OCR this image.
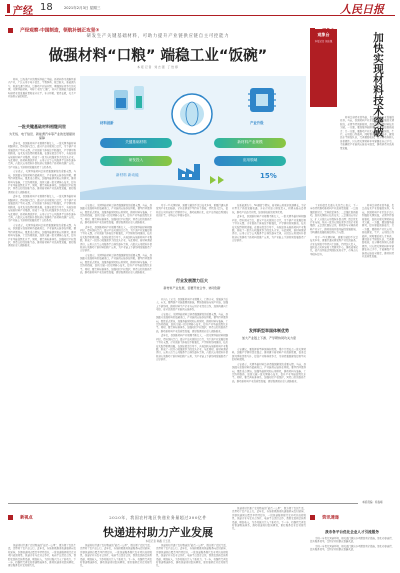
产经 18	2021年2月3日 星期三	人民日报
产经观察·中国制造，领航补链正攻坚③
研发生产关键基础材料，可助力提升产业链供应链自主可控能力
做强材料“口粮” 端稳工业“饭碗”
本报记者 刘志强 丁怡婷

材料，是先进产业的物质基础之基础。新材料作为战略性新兴产业，广泛应用于电子信息、生物医药、航空航天、新能源汽车、轨道交通等领域，是推动产业链升级、增强国家竞争力的关键。关键基础材料，号称工业的“口粮”，其自主保障能力直接影响制造业的发展质量和安全水平。补齐短板、锻造长板，关乎产业链供应链的稳定。

关键基础材料	新材料产业规模
研发投入	应用领域
材料创新	产业升级
15%
新材料 新动能
一批关键基础材料相继问世
为无线、电子信息、新能源汽车等产业的发展提供保障

近年来，我国新材料产业规模不断壮大，一批关键基础材料相继问世，填补国内空白，部分产品实现进口替代，为下游产业发展提供了坚实支撑。企业创新主体地位不断强化，产学研用协同推进，技术攻关取得积极进展。在国家政策引导下，各地加快布局新材料产业集群，形成了一批具有较强竞争力的龙头企业。与此同时，新材料测试评价、应用示范等公共服务平台体系逐步完善，首批次应用保险补偿机制有效推动了新材料的推广应用，为产业链上下游协同发展创造了良好条件。

专家表示，关键基础材料是制造强国建设的重要支撑。当前，我国部分高端材料仍依赖进口，产业链供应链存在短板。要坚持问题导向，聚焦重点领域，加强基础研究和应用研究，推动材料与装备、工艺协同创新，加快突破一批关键核心技术，提升产业基础高级化水平。同时，要完善标准体系，加强知识产权保护，营造良好的创新生态，推动新材料产业高质量发展，更好服务国家重大战略需求。

近年来，我国新材料产业规模不断壮大，一批关键基础材料相继问世，填补国内空白，部分产品实现进口替代，为下游产业发展提供了坚实支撑。企业创新主体地位不断强化，产学研用协同推进，技术攻关取得积极进展。在国家政策引导下，各地加快布局新材料产业集群，形成了一批具有较强竞争力的龙头企业。与此同时，新材料测试评价、应用示范等公共服务平台体系逐步完善，首批次应用保险补偿机制有效推动了新材料的推广应用，为产业链上下游协同发展创造了良好条件。

专家表示，关键基础材料是制造强国建设的重要支撑。当前，我国部分高端材料仍依赖进口，产业链供应链存在短板。要坚持问题导向，聚焦重点领域，加强基础研究和应用研究，推动材料与装备、工艺协同创新，加快突破一批关键核心技术，提升产业基础高级化水平。同时，要完善标准体系，加强知识产权保护，营造良好的创新生态，推动新材料产业高质量发展，更好服务国家重大战略需求。

专家表示，关键基础材料是制造强国建设的重要支撑。当前，我国部分高端材料仍依赖进口，产业链供应链存在短板。要坚持问题导向，聚焦重点领域，加强基础研究和应用研究，推动材料与装备、工艺协同创新，加快突破一批关键核心技术，提升产业基础高级化水平。同时，要完善标准体系，加强知识产权保护，营造良好的创新生态，推动新材料产业高质量发展，更好服务国家重大战略需求。

近年来，我国新材料产业规模不断壮大，一批关键基础材料相继问世，填补国内空白，部分产品实现进口替代，为下游产业发展提供了坚实支撑。企业创新主体地位不断强化，产学研用协同推进，技术攻关取得积极进展。在国家政策引导下，各地加快布局新材料产业集群，形成了一批具有较强竞争力的龙头企业。与此同时，新材料测试评价、应用示范等公共服务平台体系逐步完善，首批次应用保险补偿机制有效推动了新材料的推广应用，为产业链上下游协同发展创造了良好条件。

专家表示，关键基础材料是制造强国建设的重要支撑。当前，我国部分高端材料仍依赖进口，产业链供应链存在短板。要坚持问题导向，聚焦重点领域，加强基础研究和应用研究，推动材料与装备、工艺协同创新，加快突破一批关键核心技术，提升产业基础高级化水平。同时，要完善标准体系，加强知识产权保护，营造良好的创新生态，推动新材料产业高质量发展，更好服务国家重大战略需求。

对于一些关键材料，需要突破的不仅是技术本身，更要打通从研发到产业化的链条。企业在研发中坚持自主创新，持续加大投入，依托重点实验室和工程研究中心，推动成果转化，使产品性能达到国际先进水平，市场占有率稳步提升。

行业发展潜力巨大
新材料产业发展，需要开放合作、协同创新

业内人士认为，我国新材料产业规模大、门类齐全，发展潜力巨大。未来，要围绕产业链部署创新链，围绕创新链布局产业链，加强上下游协同，推动材料生产企业与应用企业深度合作，加快构建自主可控、安全高效的产业链供应链体系。

专家表示，关键基础材料是制造强国建设的重要支撑。当前，我国部分高端材料仍依赖进口，产业链供应链存在短板。要坚持问题导向，聚焦重点领域，加强基础研究和应用研究，推动材料与装备、工艺协同创新，加快突破一批关键核心技术，提升产业基础高级化水平。同时，要完善标准体系，加强知识产权保护，营造良好的创新生态，推动新材料产业高质量发展，更好服务国家重大战略需求。

近年来，我国新材料产业规模不断壮大，一批关键基础材料相继问世，填补国内空白，部分产品实现进口替代，为下游产业发展提供了坚实支撑。企业创新主体地位不断强化，产学研用协同推进，技术攻关取得积极进展。在国家政策引导下，各地加快布局新材料产业集群，形成了一批具有较强竞争力的龙头企业。与此同时，新材料测试评价、应用示范等公共服务平台体系逐步完善，首批次应用保险补偿机制有效推动了新材料的推广应用，为产业链上下游协同发展创造了良好条件。

在新能源汽车、5G通信等领域，新材料应用需求快速增长，为企业带来了新的发展机遇。多家企业加大研发投入，积极布局前沿领域，推动产品迭代升级，加快形成新的竞争优势。

近年来，我国新材料产业规模不断壮大，一批关键基础材料相继问世，填补国内空白，部分产品实现进口替代，为下游产业发展提供了坚实支撑。企业创新主体地位不断强化，产学研用协同推进，技术攻关取得积极进展。在国家政策引导下，各地加快布局新材料产业集群，形成了一批具有较强竞争力的龙头企业。与此同时，新材料测试评价、应用示范等公共服务平台体系逐步完善，首批次应用保险补偿机制有效推动了新材料的推广应用，为产业链上下游协同发展创造了良好条件。

发挥新型举国体制优势
加大产业链上下游、产学研协同攻关力度

专家建议，要发挥新型举国体制优势，集中力量攻克一批关键材料，加强产学研用深度融合。推动建立新材料产业创新联盟，促进资源共享和优势互补，提高产业整体竞争力，为制造强国建设提供坚实的材料保障。

专家表示，关键基础材料是制造强国建设的重要支撑。当前，我国部分高端材料仍依赖进口，产业链供应链存在短板。要坚持问题导向，聚焦重点领域，加强基础研究和应用研究，推动材料与装备、工艺协同创新，加快突破一批关键核心技术，提升产业基础高级化水平。同时，要完善标准体系，加强知识产权保护，营造良好的创新生态，推动新材料产业高质量发展，更好服务国家重大战略需求。

工业和信息化部有关负责人表示，下一步将持续推动新材料产业高质量发展：一是加强顶层设计，完善政策体系；二是强化创新驱动，加快关键核心技术攻关；三是推进应用示范，扩大首批次应用保险补偿范围；四是优化产业布局，培育一批具有国际竞争力的企业和集群；五是深化国际合作，积极参与全球新材料产业分工，推动形成开放共赢的发展格局，为构建新发展格局提供有力支撑。

对于一些关键材料，需要突破的不仅是技术本身，更要打通从研发到产业化的链条。企业在研发中坚持自主创新，持续加大投入，依托重点实验室和工程研究中心，推动成果转化，使产品性能达到国际先进水平，市场占有率稳步提升。

观象台

本报记者 刘志强	加快实现材料技术突破

材料是制造业的基础，也是高技术产业发展的先导。当前，我国材料产业正处于由大到强的关键阶段，必须坚持创新驱动，加快实现关键材料技术突破。一方面，要加强基础研究，提升原始创新能力；另一方面，要推动产业化应用，形成研发、生产、应用的良性循环。同时要重视人才培养，建设高水平研发队伍，完善激励机制，充分调动科研人员积极性。只有把关键材料牢牢掌握在自己手中，才能确保产业链供应链安全稳定，推动制造业高质量发展。

材料是制造业的基础，也是高技术产业发展的先导。当前，我国材料产业正处于由大到强的关键阶段，必须坚持创新驱动，加快实现关键材料技术突破。一方面，要加强基础研究，提升原始创新能力；另一方面，要推动产业化应用，形成研发、生产、应用的良性循环。同时要重视人才培养，建设高水平研发队伍，完善激励机制，充分调动科研人员积极性。只有把关键材料牢牢掌握在自己手中，才能确保产业链供应链安全稳定，推动制造业高质量发展。

本版责编：杨俊峰
新视点	2020年，我国农村地区快递业务量超过300亿件
快递进村助力产业发展
本报记者 韩鑫 亓玉昆

快递进村打通了农村物流的“最后一公里”，既方便了农民生活，也带动了农产品上行。近年来，各地积极推进快递服务向农村延伸，乡镇快递网点覆盖率持续提升，一批快递服务现代农业项目成效明显。快递企业与农业合作社、电商平台深度合作，帮助农民拓宽销售渠道，增加收入，为乡村振兴注入了新动力。下一步，将继续完善农村寄递物流体系，推动快递进村提质增效，更好服务农业农村现代化。

快递进村打通了农村物流的“最后一公里”，既方便了农民生活，也带动了农产品上行。近年来，各地积极推进快递服务向农村延伸，乡镇快递网点覆盖率持续提升，一批快递服务现代农业项目成效明显。快递企业与农业合作社、电商平台深度合作，帮助农民拓宽销售渠道，增加收入，为乡村振兴注入了新动力。下一步，将继续完善农村寄递物流体系，推动快递进村提质增效，更好服务农业农村现代化。

快递进村打通了农村物流的“最后一公里”，既方便了农民生活，也带动了农产品上行。近年来，各地积极推进快递服务向农村延伸，乡镇快递网点覆盖率持续提升，一批快递服务现代农业项目成效明显。快递企业与农业合作社、电商平台深度合作，帮助农民拓宽销售渠道，增加收入，为乡村振兴注入了新动力。下一步，将继续完善农村寄递物流体系，推动快递进村提质增效，更好服务农业农村现代化。

快递进村打通了农村物流的“最后一公里”，既方便了农民生活，也带动了农产品上行。近年来，各地积极推进快递服务向农村延伸，乡镇快递网点覆盖率持续提升，一批快递服务现代农业项目成效明显。快递企业与农业合作社、电商平台深度合作，帮助农民拓宽销售渠道，增加收入，为乡村振兴注入了新动力。下一步，将继续完善农村寄递物流体系，推动快递进村提质增效，更好服务农业农村现代化。

资讯速递
我市各平台优化企业人才引流服务

为进一步优化营商环境，相关部门推出多项便民利企措施，简化办事流程，提升服务效率，受到企业和群众普遍欢迎。

为进一步优化营商环境，相关部门推出多项便民利企措施，简化办事流程，提升服务效率，受到企业和群众普遍欢迎。
